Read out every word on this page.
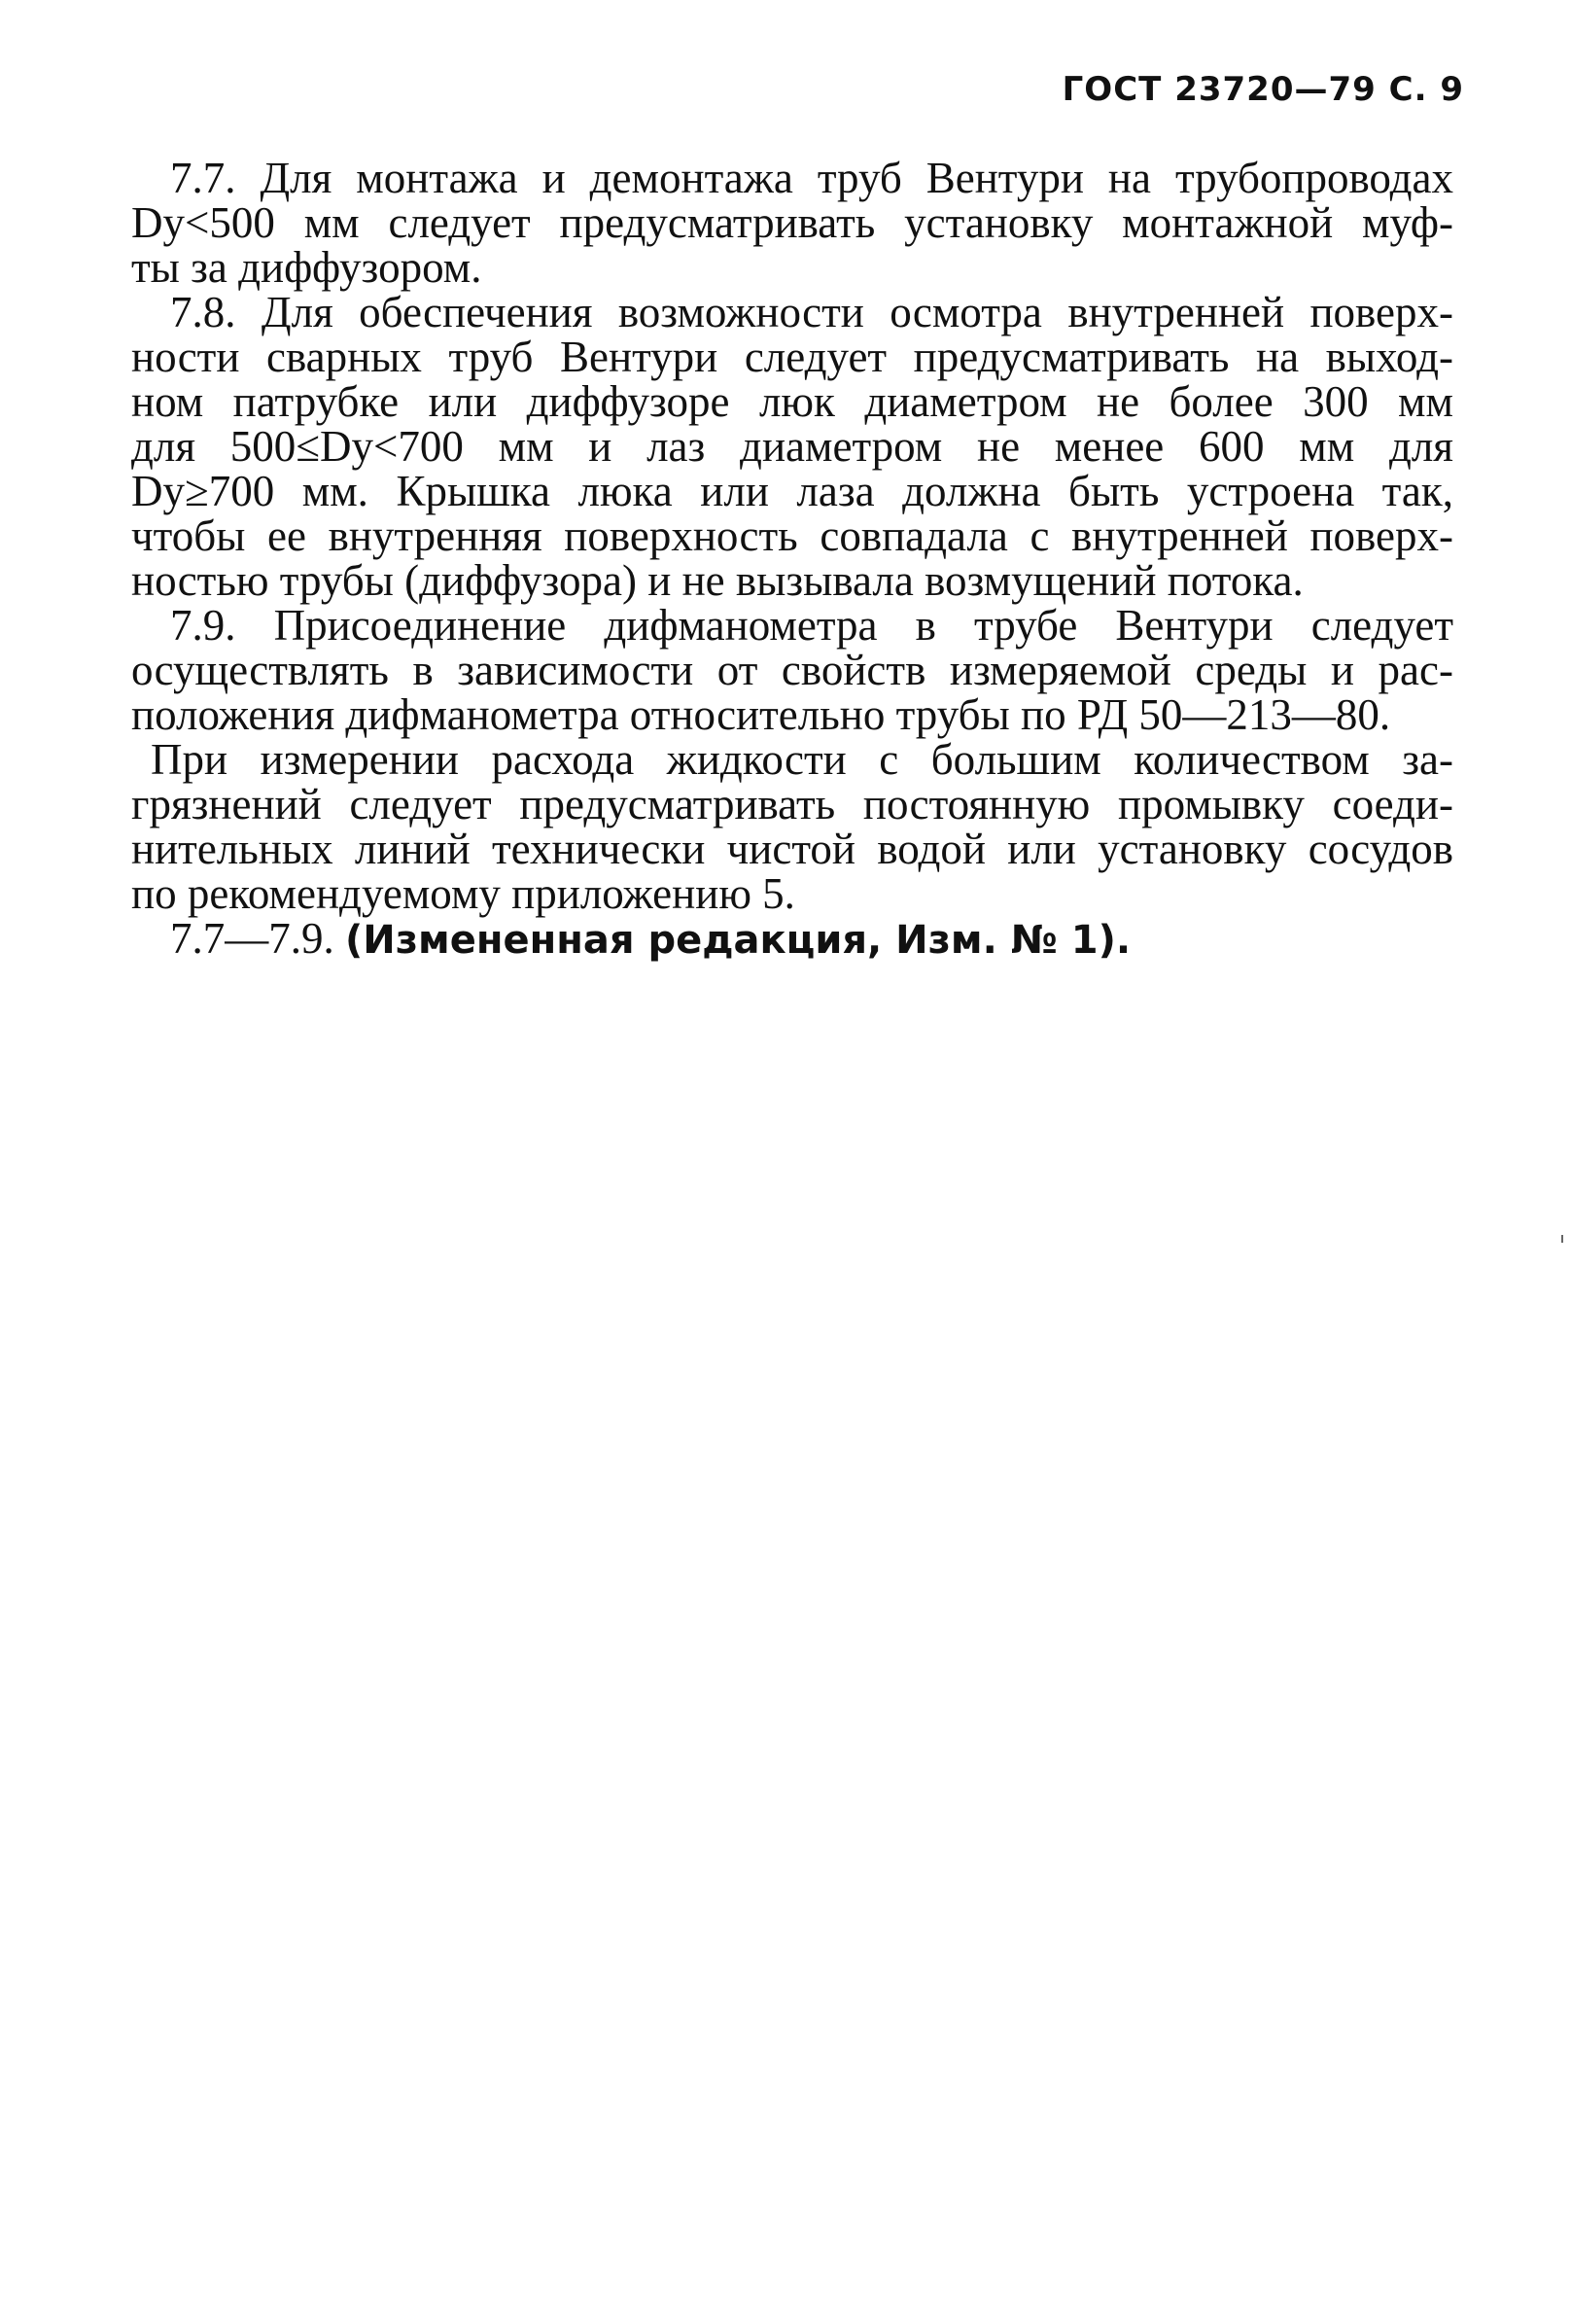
ГОСТ 23720—79 С. 9

7.7. Для монтажа и демонтажа труб Вентури на трубопроводах
Dy<500 мм следует предусматривать установку монтажной муф-
ты за диффузором.

7.8. Для обеспечения возможности осмотра внутренней поверх-
ности сварных труб Вентури следует предусматривать на выход-
ном патрубке или диффузоре люк диаметром не более 300 мм
для 500≤Dy<700 мм и лаз диаметром не менее 600 мм для
Dy≥700 мм. Крышка люка или лаза должна быть устроена так,
чтобы ее внутренняя поверхность совпадала с внутренней поверх-
ностью трубы (диффузора) и не вызывала возмущений потока.

7.9. Присоединение дифманометра в трубе Вентури следует
осуществлять в зависимости от свойств измеряемой среды и рас-
положения дифманометра относительно трубы по РД 50—213—80.

При измерении расхода жидкости с большим количеством за-
грязнений следует предусматривать постоянную промывку соеди-
нительных линий технически чистой водой или установку сосудов
по рекомендуемому приложению 5.

7.7—7.9. (Измененная редакция, Изм. № 1).
